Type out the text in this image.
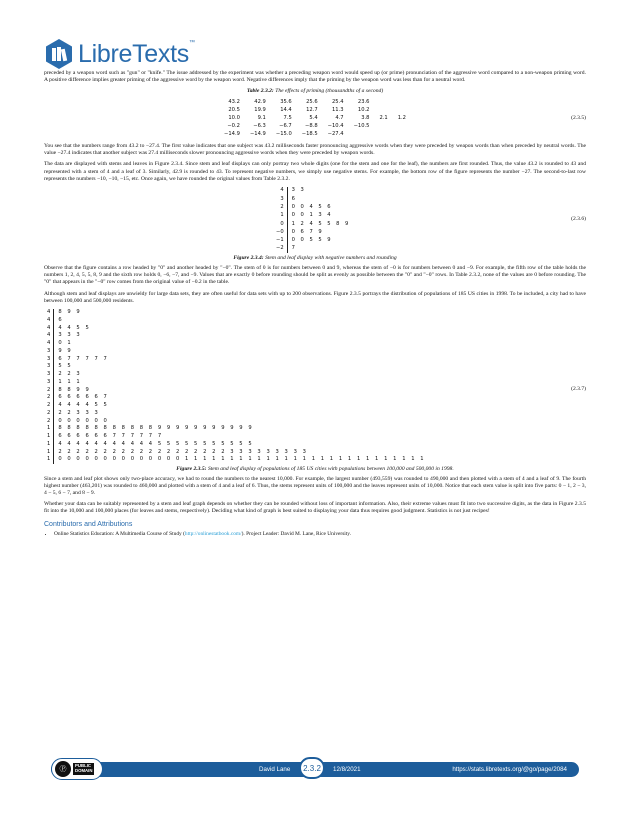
LibreTexts™

preceded by a weapon word such as "gun" or "knife." The issue addressed by the experiment was whether a preceding weapon word would speed up (or prime) pronunciation of the aggressive word compared to a non-weapon priming word. A positive difference implies greater priming of the aggressive word by the weapon word. Negative differences imply that the priming by the weapon word was less than for a neutral word.

Table 2.3.2: The effects of priming (thousandths of a second)
(2.3.5)
43.2	42.9	35.6	25.6	25.4	23.6		
20.5	19.9	14.4	12.7	11.3	10.2		
10.0	9.1	7.5	5.4	4.7	3.8	2.1	1.2
−0.2	−6.3	−6.7	−8.8	−10.4	−10.5		
−14.9	−14.9	−15.0	−18.5	−27.4			

You see that the numbers range from 43.2 to −27.4. The first value indicates that one subject was 43.2 milliseconds faster pronouncing aggressive words when they were preceded by weapon words than when preceded by neutral words. The value −27.4 indicates that another subject was 27.4 milliseconds slower pronouncing aggressive words when they were preceded by weapon words.

The data are displayed with stems and leaves in Figure 2.3.4. Since stem and leaf displays can only portray two whole digits (one for the stem and one for the leaf), the numbers are first rounded. Thus, the value 43.2 is rounded to 43 and represented with a stem of 4 and a leaf of 3. Similarly, 42.9 is rounded to 43. To represent negative numbers, we simply use negative stems. For example, the bottom row of the figure represents the number −27. The second-to-last row represents the numbers −10, −10, −15, etc. Once again, we have rounded the original values from Table 2.3.2.

(2.3.6)
4	3 3
3	6
2	0 0 4 5 6
1	0 0 1 3 4
0	1 2 4 5 5 8 9
−0	0 6 7 9
−1	0 0 5 5 9
−2	7
Figure 2.3.4: Stem and leaf display with negative numbers and rounding

Observe that the figure contains a row headed by "0" and another headed by "−0". The stem of 0 is for numbers between 0 and 9, whereas the stem of −0 is for numbers between 0 and −9. For example, the fifth row of the table holds the numbers 1, 2, 4, 5, 5, 8, 9 and the sixth row holds 0, −6, −7, and −9. Values that are exactly 0 before rounding should be split as evenly as possible between the "0" and "−0" rows. In Table 2.3.2, none of the values are 0 before rounding. The "0" that appears in the "−0" row comes from the original value of −0.2 in the table.

Although stem and leaf displays are unwieldy for large data sets, they are often useful for data sets with up to 200 observations. Figure 2.3.5 portrays the distribution of populations of 185 US cities in 1998. To be included, a city had to have between 100,000 and 500,000 residents.

(2.3.7)
4	8 9 9
4	6
4	4 4 5 5
4	3 3 3
4	0 1
3	9 9
3	6 7 7 7 7 7
3	5 5
3	2 2 3
3	1 1 1
2	8 8 9 9
2	6 6 6 6 6 7
2	4 4 4 4 5 5
2	2 2 3 3 3
2	0 0 0 0 0 0
1	8 8 8 8 8 8 8 8 8 8 8 9 9 9 9 9 9 9 9 9 9 9
1	6 6 6 6 6 6 7 7 7 7 7 7
1	4 4 4 4 4 4 4 4 4 4 4 5 5 5 5 5 5 5 5 5 5 5
1	2 2 2 2 2 2 2 2 2 2 2 2 2 2 2 2 2 2 2 3 3 3 3 3 3 3 3 3
1	0 0 0 0 0 0 0 0 0 0 0 0 0 0 1 1 1 1 1 1 1 1 1 1 1 1 1 1 1 1 1 1 1 1 1 1 1 1 1 1 1
Figure 2.3.5: Stem and leaf display of populations of 185 US cities with populations between 100,000 and 500,000 in 1998.

Since a stem and leaf plot shows only two-place accuracy, we had to round the numbers to the nearest 10,000. For example, the largest number (493,559) was rounded to 490,000 and then plotted with a stem of 4 and a leaf of 9. The fourth highest number (463,201) was rounded to 460,000 and plotted with a stem of 4 and a leaf of 6. Thus, the stems represent units of 100,000 and the leaves represent units of 10,000. Notice that each stem value is split into five parts: 0 − 1, 2 − 3, 4 − 5, 6 − 7, and 8 − 9.

Whether your data can be suitably represented by a stem and leaf graph depends on whether they can be rounded without loss of important information. Also, their extreme values must fit into two successive digits, as the data in Figure 2.3.5 fit into the 10,000 and 100,000 places (for leaves and stems, respectively). Deciding what kind of graph is best suited to displaying your data thus requires good judgment. Statistics is not just recipes!

Contributors and Attributions
• Online Statistics Education: A Multimedia Course of Study (http://onlinestatbook.com/). Project Leader: David M. Lane, Rice University.
Ⓟ
PUBLIC
DOMAIN	David Lane	2.3.2	12/8/2021	https://stats.libretexts.org/@go/page/2084
